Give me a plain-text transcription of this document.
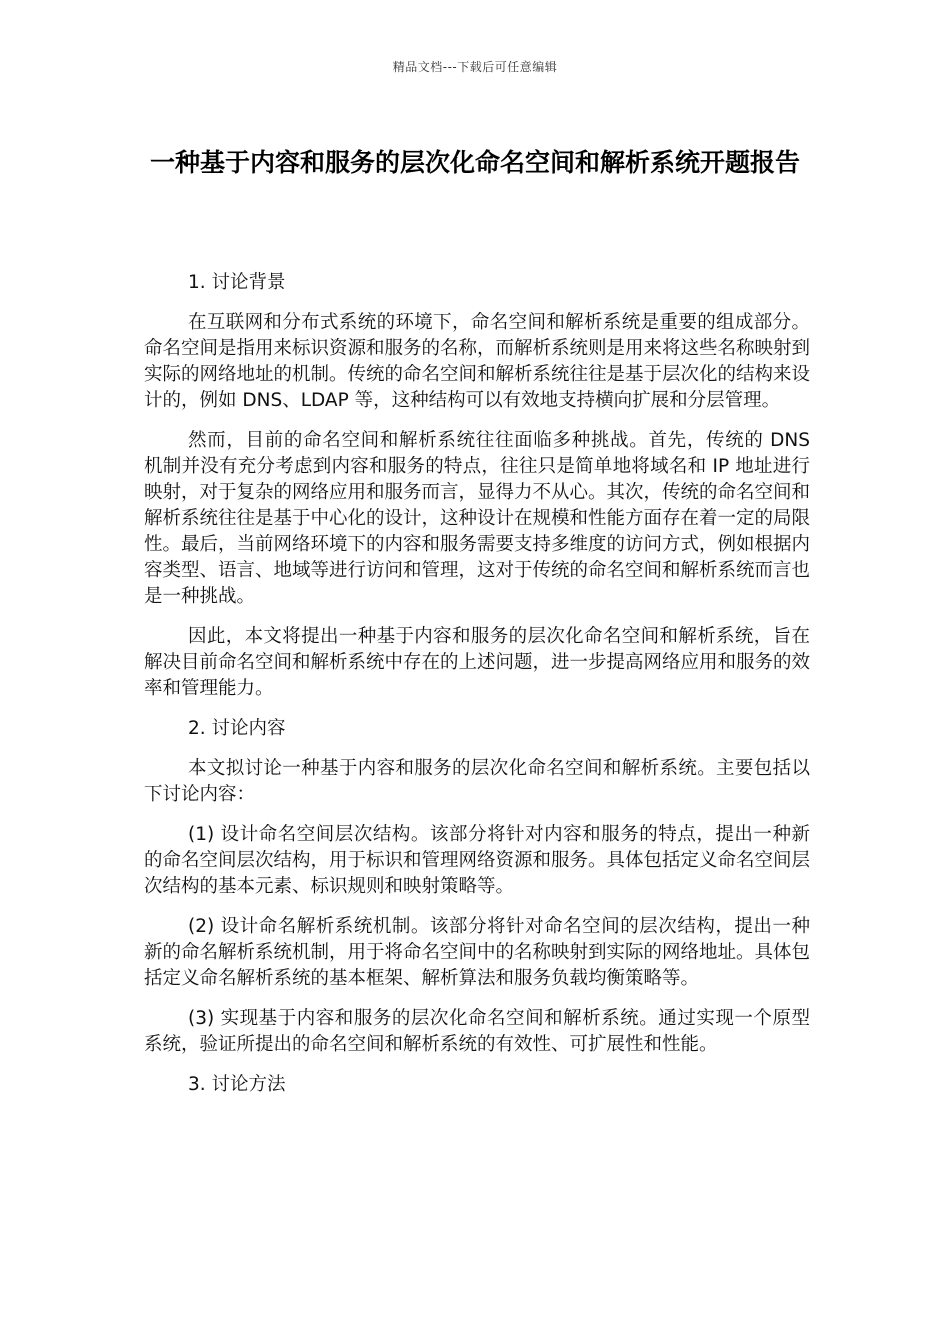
精品文档---下载后可任意编辑
一种基于内容和服务的层次化命名空间和解析系统开题报告

1. 讨论背景

在互联网和分布式系统的环境下，命名空间和解析系统是重要的组成部分。命名空间是指用来标识资源和服务的名称，而解析系统则是用来将这些名称映射到实际的网络地址的机制。传统的命名空间和解析系统往往是基于层次化的结构来设计的，例如 DNS、LDAP 等，这种结构可以有效地支持横向扩展和分层管理。

然而，目前的命名空间和解析系统往往面临多种挑战。首先，传统的 DNS 机制并没有充分考虑到内容和服务的特点，往往只是简单地将域名和 IP 地址进行映射，对于复杂的网络应用和服务而言，显得力不从心。其次，传统的命名空间和解析系统往往是基于中心化的设计，这种设计在规模和性能方面存在着一定的局限性。最后，当前网络环境下的内容和服务需要支持多维度的访问方式，例如根据内容类型、语言、地域等进行访问和管理，这对于传统的命名空间和解析系统而言也是一种挑战。

因此，本文将提出一种基于内容和服务的层次化命名空间和解析系统，旨在解决目前命名空间和解析系统中存在的上述问题，进一步提高网络应用和服务的效率和管理能力。

2. 讨论内容

本文拟讨论一种基于内容和服务的层次化命名空间和解析系统。主要包括以下讨论内容：

(1) 设计命名空间层次结构。该部分将针对内容和服务的特点，提出一种新的命名空间层次结构，用于标识和管理网络资源和服务。具体包括定义命名空间层次结构的基本元素、标识规则和映射策略等。

(2) 设计命名解析系统机制。该部分将针对命名空间的层次结构，提出一种新的命名解析系统机制，用于将命名空间中的名称映射到实际的网络地址。具体包括定义命名解析系统的基本框架、解析算法和服务负载均衡策略等。

(3) 实现基于内容和服务的层次化命名空间和解析系统。通过实现一个原型系统，验证所提出的命名空间和解析系统的有效性、可扩展性和性能。

3. 讨论方法
